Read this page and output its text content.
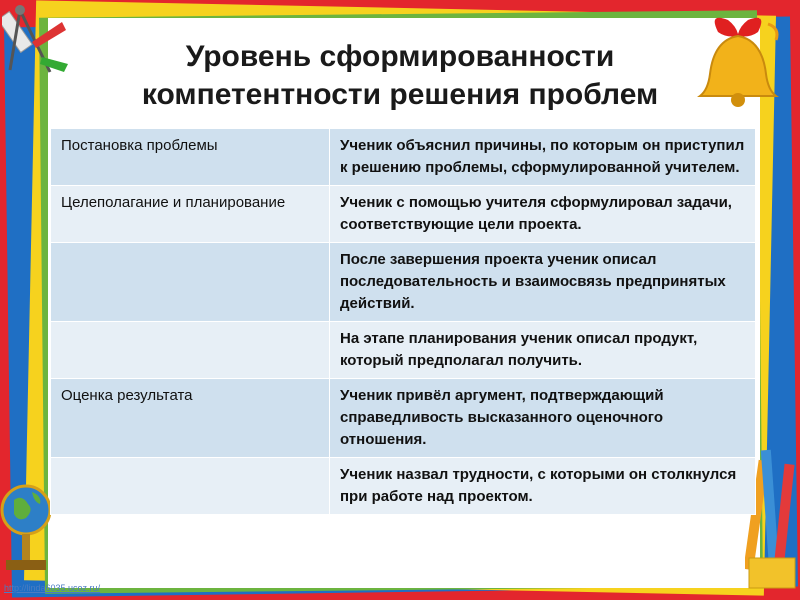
Уровень сформированности
компетентности решения проблем
Постановка проблемы	Ученик объяснил причины, по которым он приступил к решению проблемы, сформулированной учителем.
Целеполагание и планирование	Ученик с помощью учителя сформулировал задачи, соответствующие цели проекта.
	После завершения проекта ученик описал последовательность и взаимосвязь предпринятых действий.
	На этапе планирования ученик описал продукт, который предполагал получить.
Оценка результата	Ученик привёл аргумент, подтверждающий справедливость высказанного оценочного отношения.
	Ученик назвал трудности, с которыми он столкнулся при работе над проектом.
http://linda6035.ucoz.ru/
